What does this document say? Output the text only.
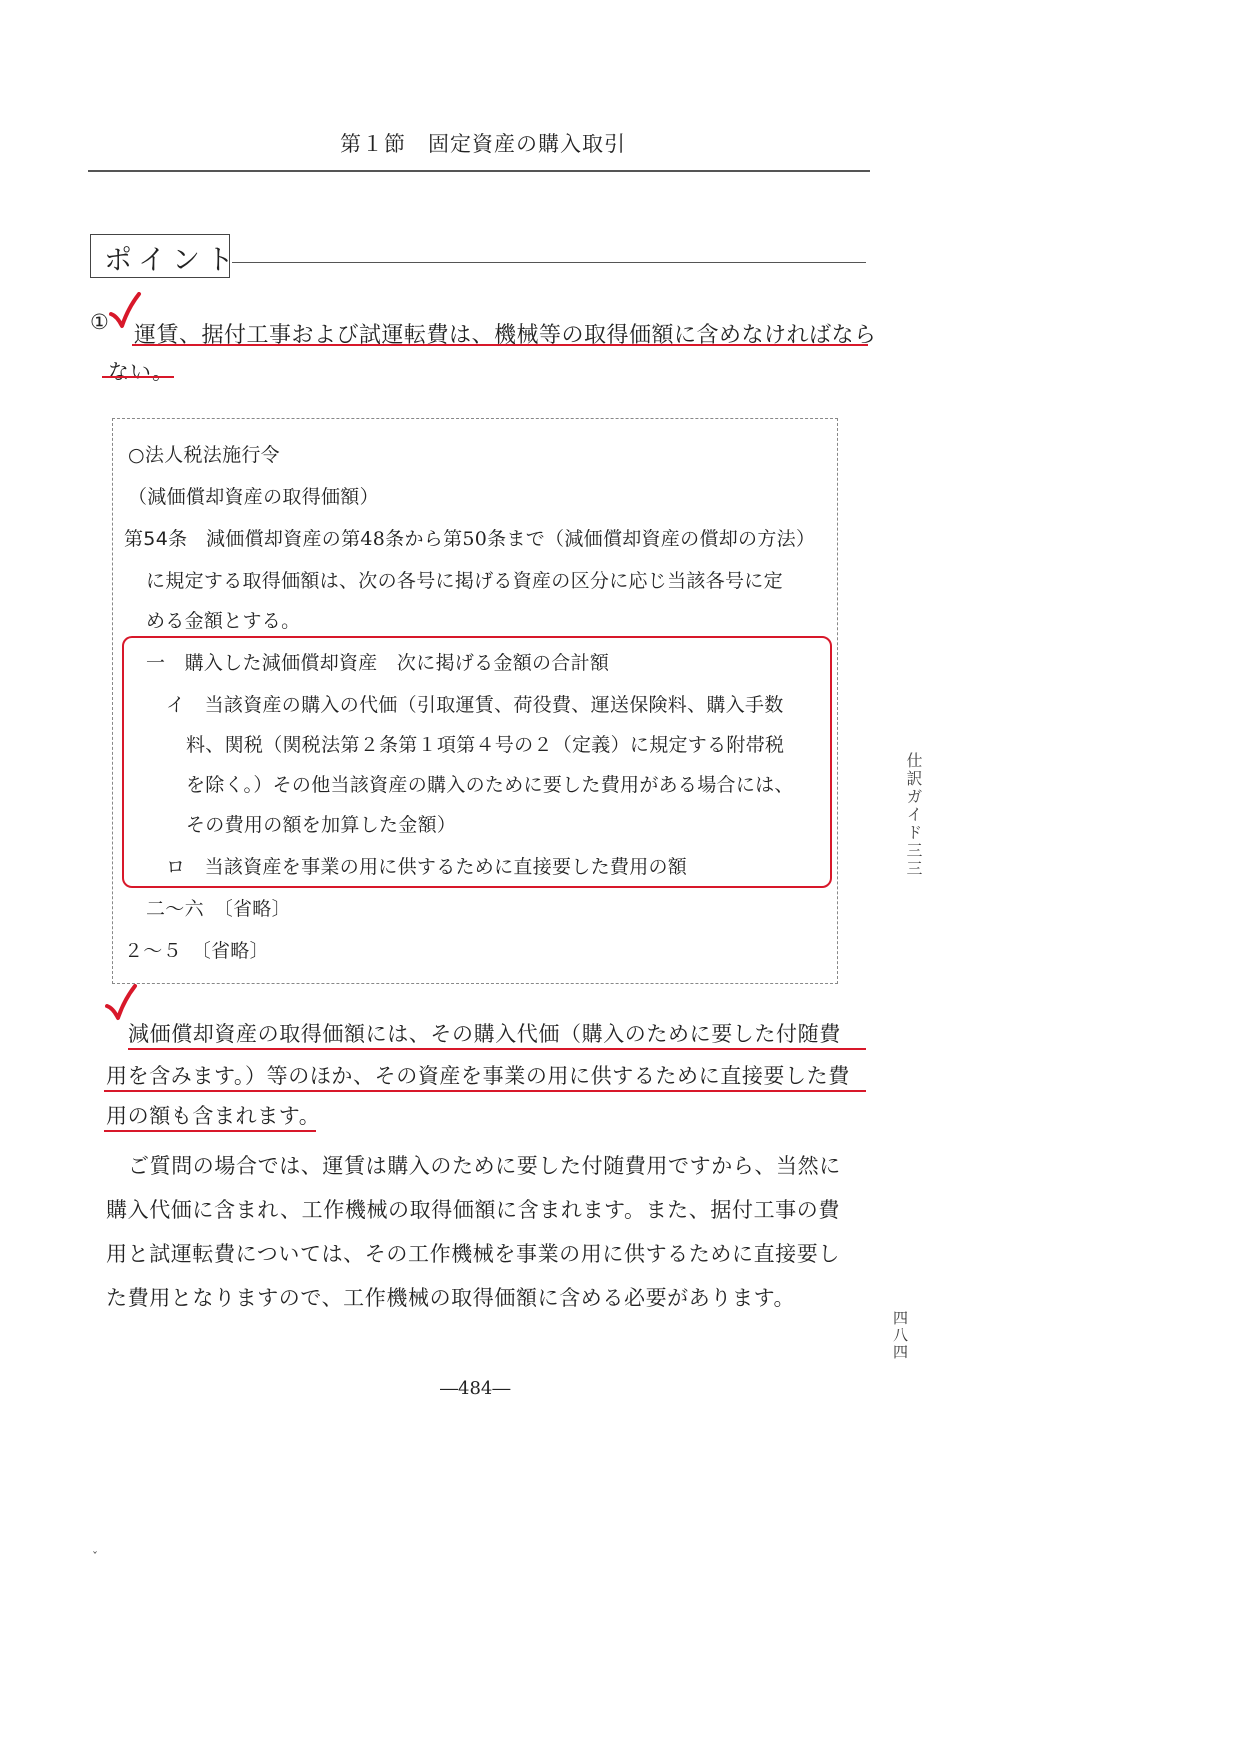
第１節　固定資産の購入取引
ポイント
①
運賃、据付工事および試運転費は、機械等の取得価額に含めなければなら
ない。
○法人税法施行令
（減価償却資産の取得価額）
第54条 減価償却資産の第48条から第50条まで（減価償却資産の償却の方法）
に規定する取得価額は、次の各号に掲げる資産の区分に応じ当該各号に定
める金額とする。
一　購入した減価償却資産　次に掲げる金額の合計額
イ　当該資産の購入の代価（引取運賃、荷役費、運送保険料、購入手数
料、関税（関税法第２条第１項第４号の２（定義）に規定する附帯税
を除く。）その他当該資産の購入のために要した費用がある場合には、
その費用の額を加算した金額）
ロ　当該資産を事業の用に供するために直接要した費用の額
二～六　〔省略〕
２～５　〔省略〕
減価償却資産の取得価額には、その購入代価（購入のために要した付随費
用を含みます。）等のほか、その資産を事業の用に供するために直接要した費
用の額も含まれます。
ご質問の場合では、運賃は購入のために要した付随費用ですから、当然に
購入代価に含まれ、工作機械の取得価額に含まれます。また、据付工事の費
用と試運転費については、その工作機械を事業の用に供するために直接要し
た費用となりますので、工作機械の取得価額に含める必要があります。
仕訳ガイド三三
四八四
―484―
ˇ
